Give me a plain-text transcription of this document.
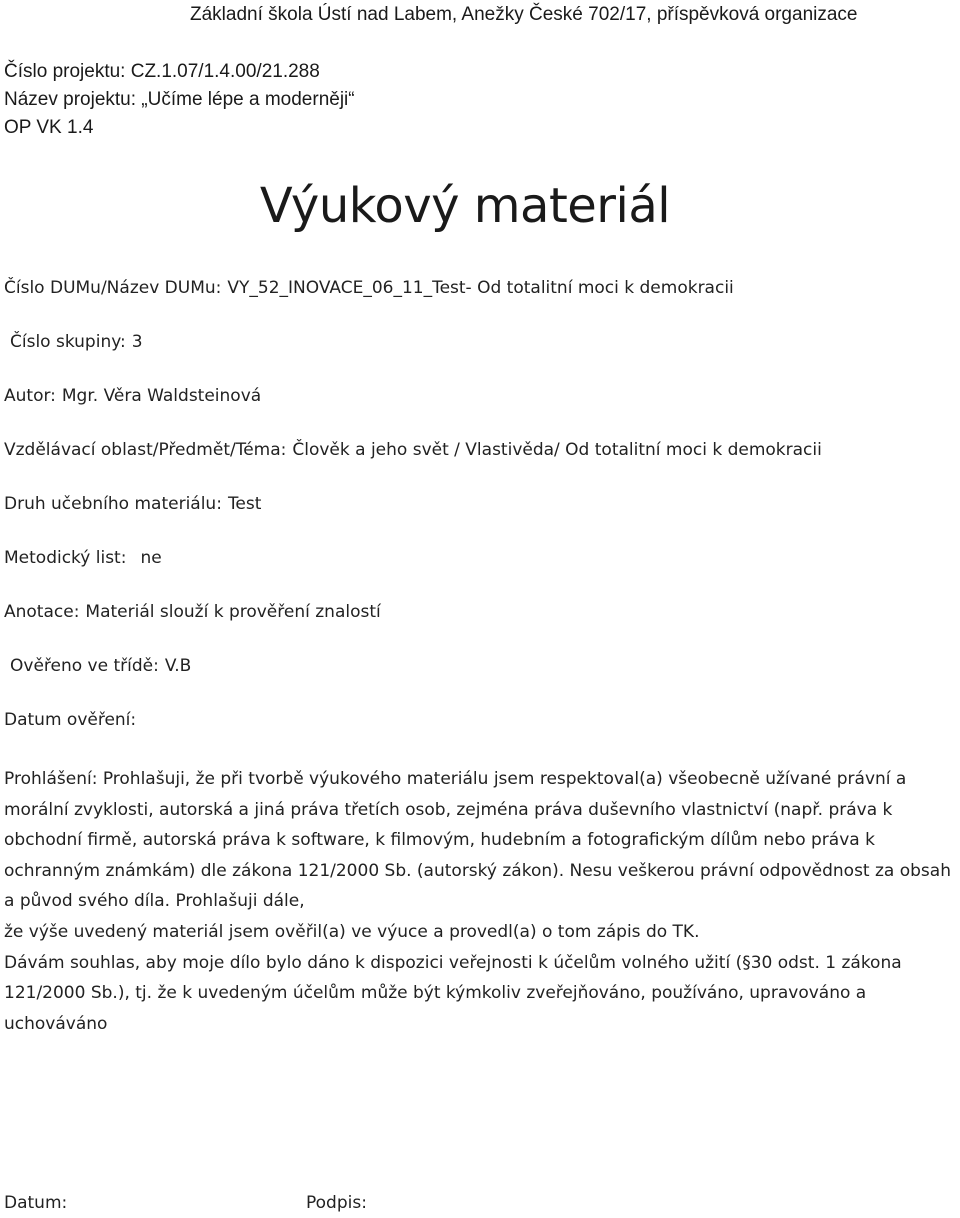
Základní škola Ústí nad Labem, Anežky České 702/17, příspěvková organizace
Číslo projektu: CZ.1.07/1.4.00/21.288
Název projektu: „Učíme lépe a moderněji“
OP VK 1.4
Výukový materiál
Číslo DUMu/Název DUMu: VY_52_INOVACE_06_11_Test- Od totalitní moci k demokracii
Číslo skupiny: 3
Autor: Mgr. Věra Waldsteinová
Vzdělávací oblast/Předmět/Téma: Člověk a jeho svět / Vlastivěda/ Od totalitní moci k demokracii
Druh učebního materiálu: Test
Metodický list: ne
Anotace: Materiál slouží k prověření znalostí
Ověřeno ve třídě: V.B
Datum ověření:

Prohlášení: Prohlašuji, že při tvorbě výukového materiálu jsem respektoval(a) všeobecně užívané právní a morální zvyklosti, autorská a jiná práva třetích osob, zejména práva duševního vlastnictví (např. práva k obchodní firmě, autorská práva k software, k filmovým, hudebním a fotografickým dílům nebo práva k ochranným známkám) dle zákona 121/2000 Sb. (autorský zákon). Nesu veškerou právní odpovědnost za obsah a původ svého díla. Prohlašuji dále,

že výše uvedený materiál jsem ověřil(a) ve výuce a provedl(a) o tom zápis do TK.

Dávám souhlas, aby moje dílo bylo dáno k dispozici veřejnosti k účelům volného užití (§30 odst. 1 zákona 121/2000 Sb.), tj. že k uvedeným účelům může být kýmkoliv zveřejňováno, používáno, upravováno a uchováváno

Datum:	Podpis:
